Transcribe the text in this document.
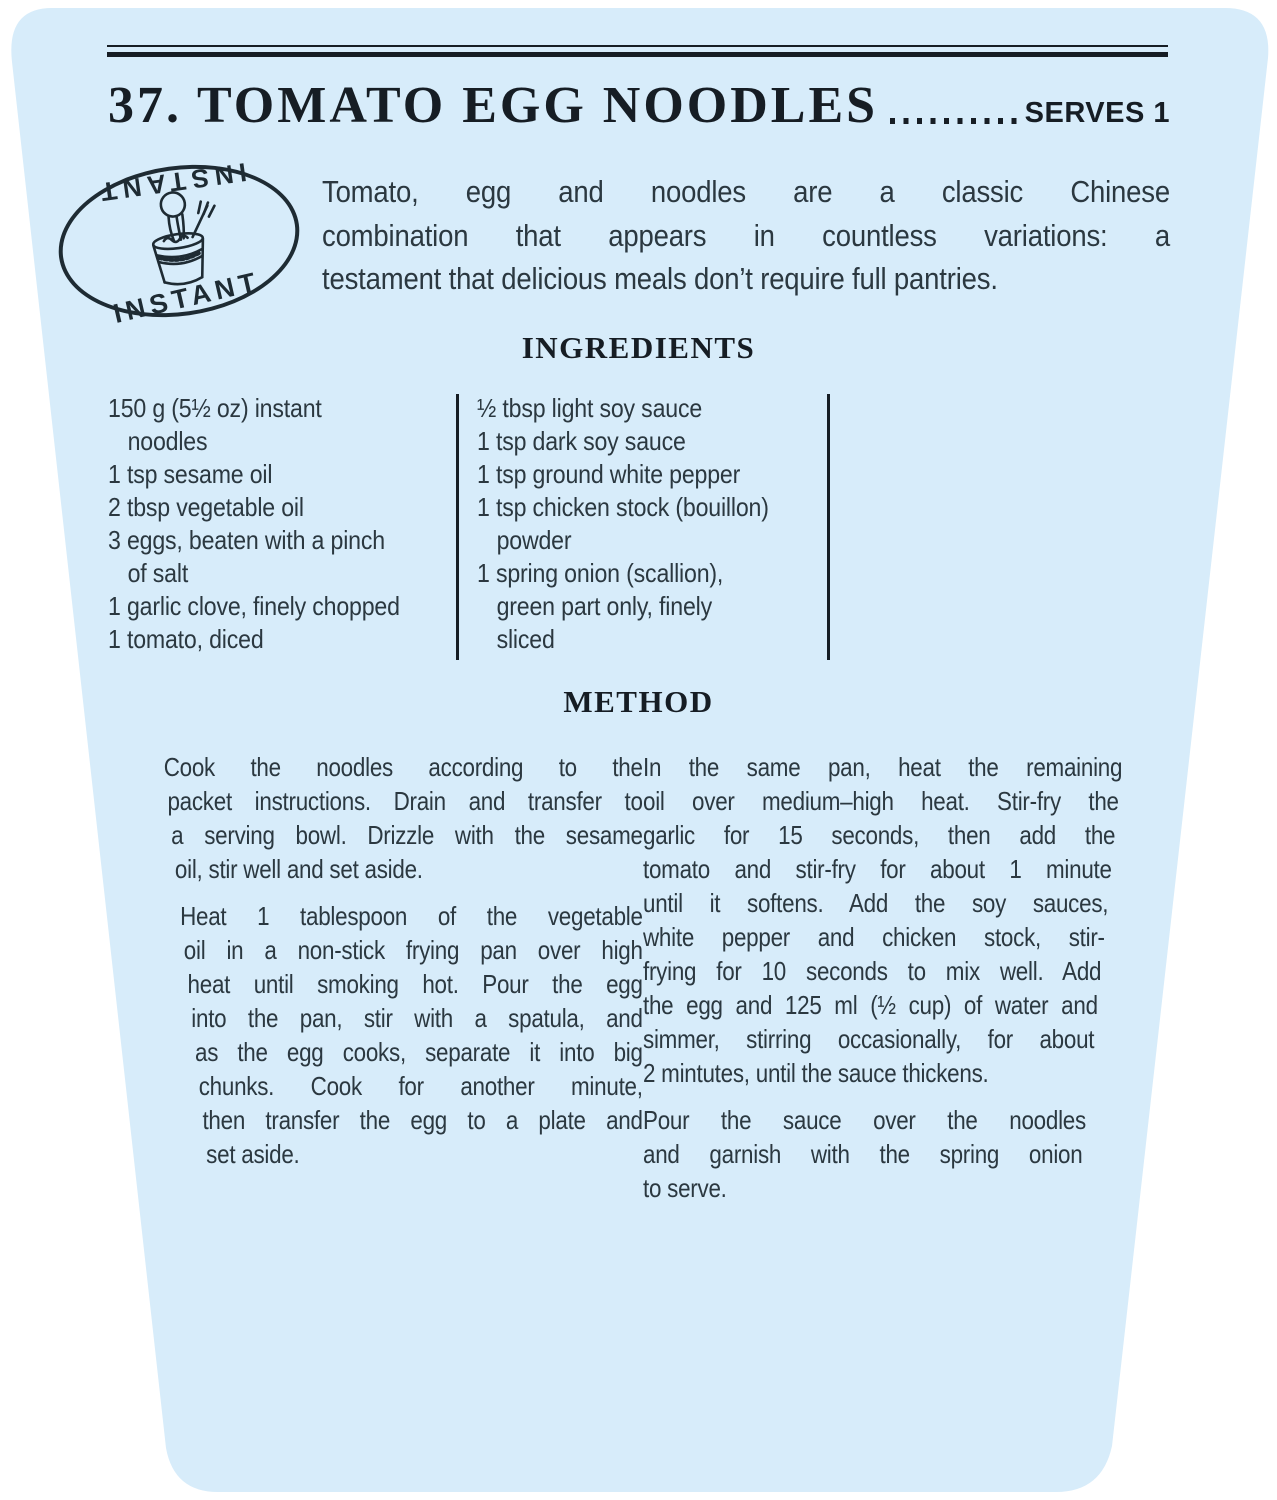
37. TOMATO EGG NOODLES	SERVES 1
INSTANT
INSTANT
Tomato, egg and noodles are a classic Chinese
combination that appears in countless variations: a
testament that delicious meals don’t require full pantries.
INGREDIENTS
150 g (5½ oz) instant
noodles
1 tsp sesame oil
2 tbsp vegetable oil
3 eggs, beaten with a pinch
of salt
1 garlic clove, finely chopped
1 tomato, diced
½ tbsp light soy sauce
1 tsp dark soy sauce
1 tsp ground white pepper
1 tsp chicken stock (bouillon)
powder
1 spring onion (scallion),
green part only, finely
sliced
METHOD
Cook the noodles according to the
packet instructions. Drain and transfer to
a serving bowl. Drizzle with the sesame
oil, stir well and set aside.
Heat 1 tablespoon of the vegetable
oil in a non-stick frying pan over high
heat until smoking hot. Pour the egg
into the pan, stir with a spatula, and
as the egg cooks, separate it into big
chunks. Cook for another minute,
then transfer the egg to a plate and
set aside.
In the same pan, heat the remaining
oil over medium–high heat. Stir-fry the
garlic for 15 seconds, then add the
tomato and stir-fry for about 1 minute
until it softens. Add the soy sauces,
white pepper and chicken stock, stir-
frying for 10 seconds to mix well. Add
the egg and 125 ml (½ cup) of water and
simmer, stirring occasionally, for about
2 mintutes, until the sauce thickens.
Pour the sauce over the noodles
and garnish with the spring onion
to serve.
